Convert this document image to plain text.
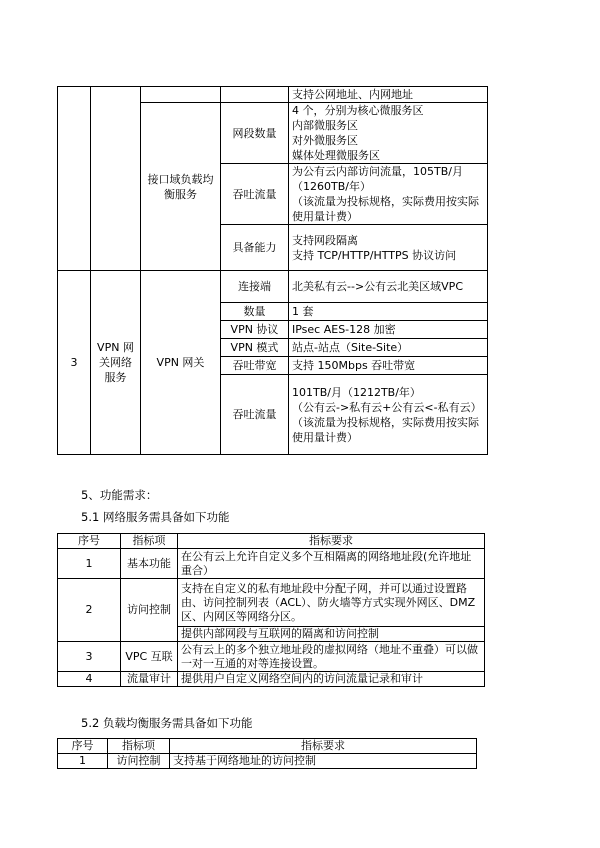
				支持公网地址、内网地址
		接口域负载均衡服务	网段数量	4 个，分别为核心微服务区
内部微服务区
对外微服务区
媒体处理微服务区
			吞吐流量	为公有云内部访问流量，105TB/月（1260TB/年）
（该流量为投标规格，实际费用按实际使用量计费）
			具备能力	支持网段隔离
支持 TCP/HTTP/HTTPS 协议访问
3	VPN 网关网络服务	VPN 网关	连接端	北美私有云-->公有云北美区域VPC
			数量	1 套
			VPN 协议	IPsec AES-128 加密
			VPN 模式	站点-站点（Site-Site）
			吞吐带宽	支持 150Mbps 吞吐带宽
			吞吐流量	101TB/月（1212TB/年）
（公有云->私有云+公有云<-私有云）
（该流量为投标规格，实际费用按实际使用量计费）
5、功能需求：
5.1 网络服务需具备如下功能
序号	指标项	指标要求
1	基本功能	在公有云上允许自定义多个互相隔离的网络地址段(允许地址重合）
2	访问控制	支持在自定义的私有地址段中分配子网，并可以通过设置路由、访问控制列表（ACL）、防火墙等方式实现外网区、DMZ 区、内网区等网络分区。
		提供内部网段与互联网的隔离和访问控制
3	VPC 互联	公有云上的多个独立地址段的虚拟网络（地址不重叠）可以做一对一互通的对等连接设置。
4	流量审计	提供用户自定义网络空间内的访问流量记录和审计
5.2 负载均衡服务需具备如下功能
序号	指标项	指标要求
1	访问控制	支持基于网络地址的访问控制
